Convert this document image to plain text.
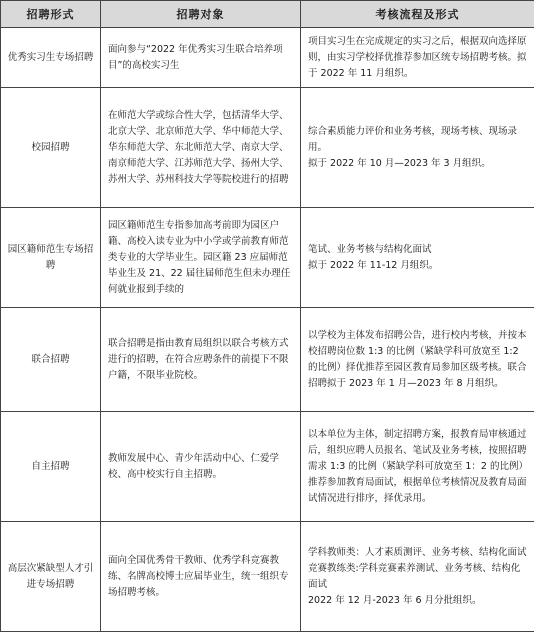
招聘形式	招聘对象	考核流程及形式
优秀实习生专场招聘	面向参与“2022 年优秀实习生联合培养项目”的高校实习生	项目实习生在完成规定的实习之后，根据双向选择原则，由实习学校择优推荐参加区统专场招聘考核。拟于 2022 年 11 月组织。

校园招聘	在师范大学或综合性大学，包括清华大学、北京大学、北京师范大学、华中师范大学、华东师范大学、东北师范大学、南京大学、南京师范大学、江苏师范大学、扬州大学、苏州大学、苏州科技大学等院校进行的招聘	综合素质能力评价和业务考核，现场考核、现场录用。

拟于 2022 年 10 月—2023 年 3 月组织。

园区籍师范生专场招聘	园区籍师范生专指参加高考前即为园区户籍、高校入读专业为中小学或学前教育师范类专业的大学毕业生。园区籍 23 应届师范毕业生及 21、22 届往届师范生但未办理任何就业报到手续的	笔试、业务考核与结构化面试

拟于 2022 年 11-12 月组织。

联合招聘	联合招聘是指由教育局组织以联合考核方式进行的招聘，在符合应聘条件的前提下不限户籍，不限毕业院校。	以学校为主体发布招聘公告，进行校内考核，并按本校招聘岗位数 1:3 的比例（紧缺学科可放宽至 1:2 的比例）择优推荐至园区教育局参加区级考核。联合招聘拟于 2023 年 1 月—2023 年 8 月组织。

自主招聘	教师发展中心、青少年活动中心、仁爱学校、高中校实行自主招聘。	以本单位为主体，制定招聘方案，报教育局审核通过后，组织应聘人员报名、笔试及业务考核，按照招聘需求 1:3 的比例（紧缺学科可放宽至 1：2 的比例）推荐参加教育局面试，根据单位考核情况及教育局面试情况进行排序，择优录用。

高层次紧缺型人才引进专场招聘	面向全国优秀骨干教师、优秀学科竞赛教练、名牌高校博士应届毕业生，统一组织专场招聘考核。	学科教师类：人才素质测评、业务考核、结构化面试

竞赛教练类:学科竞赛素养测试、业务考核、结构化面试

2022 年 12 月-2023 年 6 月分批组织。
